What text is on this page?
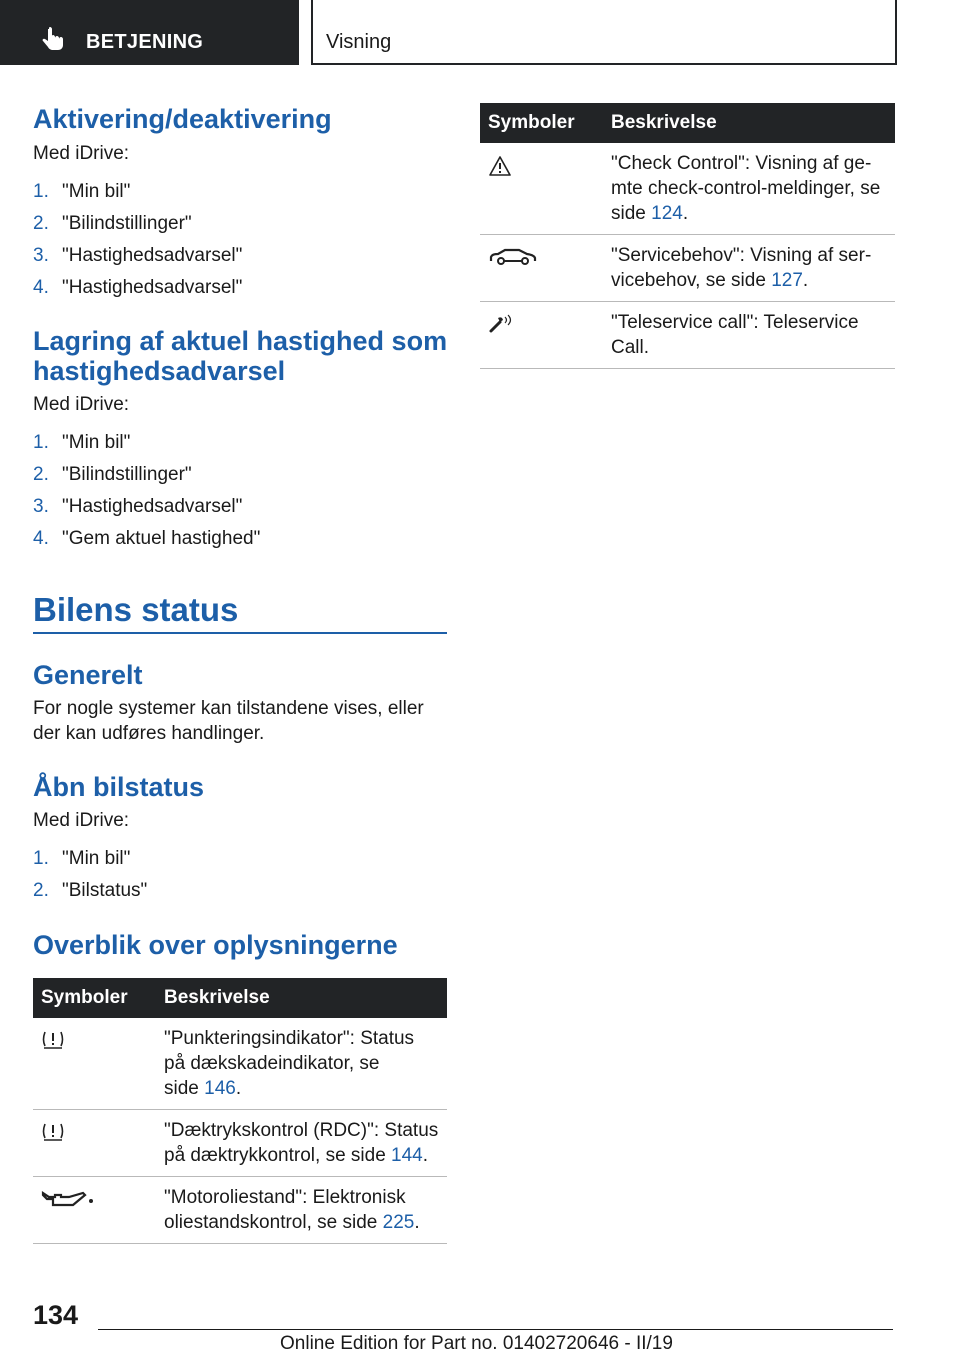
BETJENING	Visning
Aktivering/deaktivering
Med iDrive:
1. "Min bil"
2. "Bilindstillinger"
3. "Hastighedsadvarsel"
4. "Hastighedsadvarsel"
Lagring af aktuel hastighed som
hastighedsadvarsel
Med iDrive:
1. "Min bil"
2. "Bilindstillinger"
3. "Hastighedsadvarsel"
4. "Gem aktuel hastighed"
Bilens status
Generelt
For nogle systemer kan tilstandene vises, eller
der kan udføres handlinger.
Åbn bilstatus
Med iDrive:
1. "Min bil"
2. "Bilstatus"
Overblik over oplysningerne
Symboler	Beskrivelse

"Punkteringsindikator": Status
på dækskadeindikator, se
side 146.

"Dæktrykskontrol (RDC)": Status
på dæktrykkontrol, se side 144.

"Motoroliestand": Elektronisk
oliestandskontrol, se side 225.
Symboler	Beskrivelse

"Check Control": Visning af ge-
mte check-control-meldinger, se
side 124.

"Servicebehov": Visning af ser-
vicebehov, se side 127.

"Teleservice call": Teleservice
Call.
134
Online Edition for Part no. 01402720646 - II/19
